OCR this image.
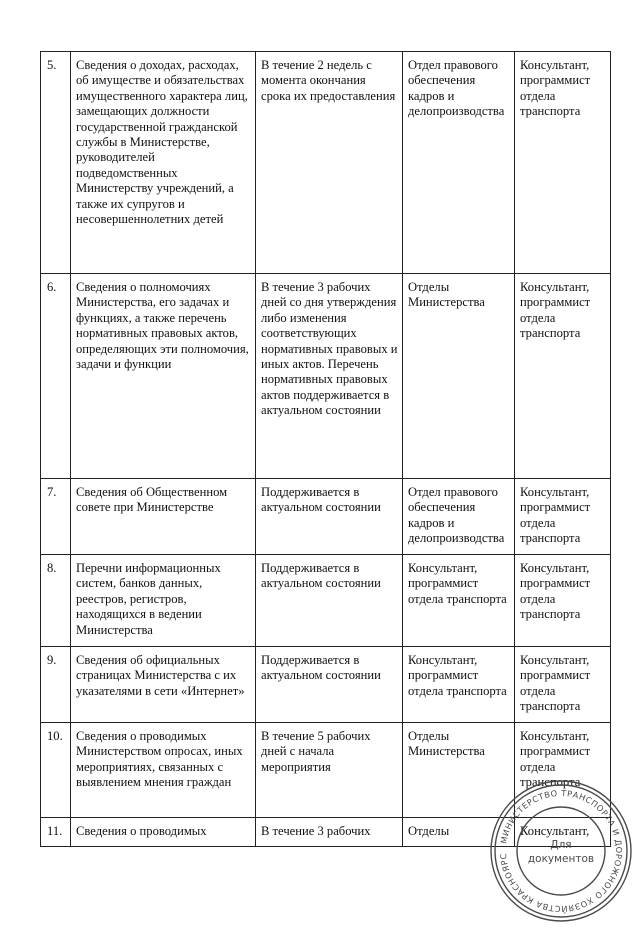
5.	Сведения о доходах, расходах, об имуществе и обязательствах имущественного характера лиц, замещающих должности государственной гражданской службы в Министерстве, руководителей подведомственных Министерству учреждений, а также их супругов и несовершеннолетних детей	В течение 2 недель с момента окончания срока их предоставления	Отдел правового обеспечения кадров и делопроизводства	Консультант, программист отдела транспорта
6.	Сведения о полномочиях Министерства, его задачах и функциях, а также перечень нормативных правовых актов, определяющих эти полномочия, задачи и функции	В течение 3 рабочих дней со дня утверждения либо изменения соответствующих нормативных правовых и иных актов. Перечень нормативных правовых актов поддерживается в актуальном состоянии	Отделы Министерства	Консультант, программист отдела транспорта
7.	Сведения об Общественном совете при Министерстве	Поддерживается в актуальном состоянии	Отдел правового обеспечения кадров и делопроизводства	Консультант, программист отдела транспорта
8.	Перечни информационных систем, банков данных, реестров, регистров, находящихся в ведении Министерства	Поддерживается в актуальном состоянии	Консультант, программист отдела транспорта	Консультант, программист отдела транспорта
9.	Сведения об официальных страницах Министерства с их указателями в сети «Интернет»	Поддерживается в актуальном состоянии	Консультант, программист отдела транспорта	Консультант, программист отдела транспорта
10.	Сведения о проводимых Министерством опросах, иных мероприятиях, связанных с выявлением мнения граждан	В течение 5 рабочих дней с начала мероприятия	Отделы Министерства	Консультант, программист отдела транспорта
11.	Сведения о проводимых	В течение 3 рабочих	Отделы	Консультант,
МИНИСТЕРСТВО ТРАНСПОРТА И ДОРОЖНОГО ХОЗЯЙСТВА КРАСНОЯРС
Для
документов
